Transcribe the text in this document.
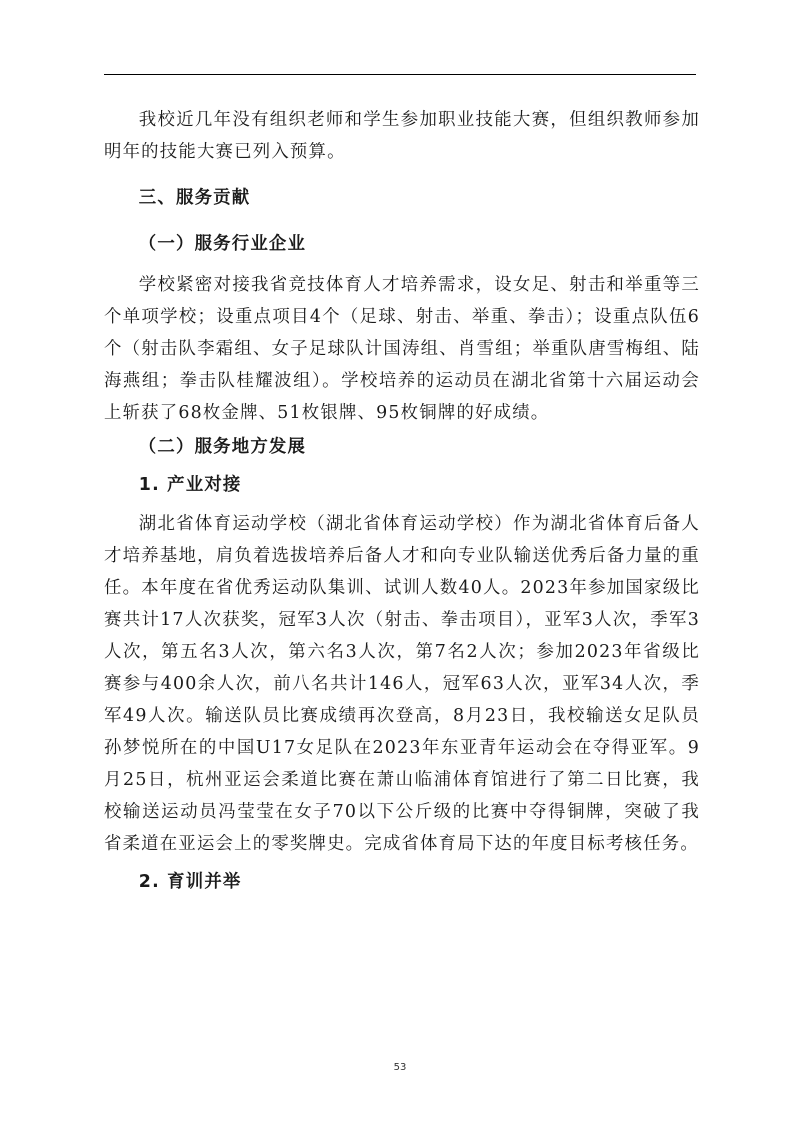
我校近几年没有组织老师和学生参加职业技能大赛，但组织教师参加明年的技能大赛已列入预算。

三、服务贡献

（一）服务行业企业

学校紧密对接我省竞技体育人才培养需求，设女足、射击和举重等三个单项学校；设重点项目4个（足球、射击、举重、拳击）；设重点队伍6个（射击队李霜组、女子足球队计国涛组、肖雪组；举重队唐雪梅组、陆海燕组；拳击队桂耀波组）。学校培养的运动员在湖北省第十六届运动会上斩获了68枚金牌、51枚银牌、95枚铜牌的好成绩。

（二）服务地方发展

1. 产业对接

湖北省体育运动学校（湖北省体育运动学校）作为湖北省体育后备人才培养基地，肩负着选拔培养后备人才和向专业队输送优秀后备力量的重任。本年度在省优秀运动队集训、试训人数40人。2023年参加国家级比赛共计17人次获奖，冠军3人次（射击、拳击项目），亚军3人次，季军3人次，第五名3人次，第六名3人次，第7名2人次；参加2023年省级比赛参与400余人次，前八名共计146人，冠军63人次，亚军34人次，季军49人次。输送队员比赛成绩再次登高，8月23日，我校输送女足队员孙梦悦所在的中国U17女足队在2023年东亚青年运动会在夺得亚军。9月25日，杭州亚运会柔道比赛在萧山临浦体育馆进行了第二日比赛，我校输送运动员冯莹莹在女子70以下公斤级的比赛中夺得铜牌，突破了我省柔道在亚运会上的零奖牌史。完成省体育局下达的年度目标考核任务。

2. 育训并举

53
